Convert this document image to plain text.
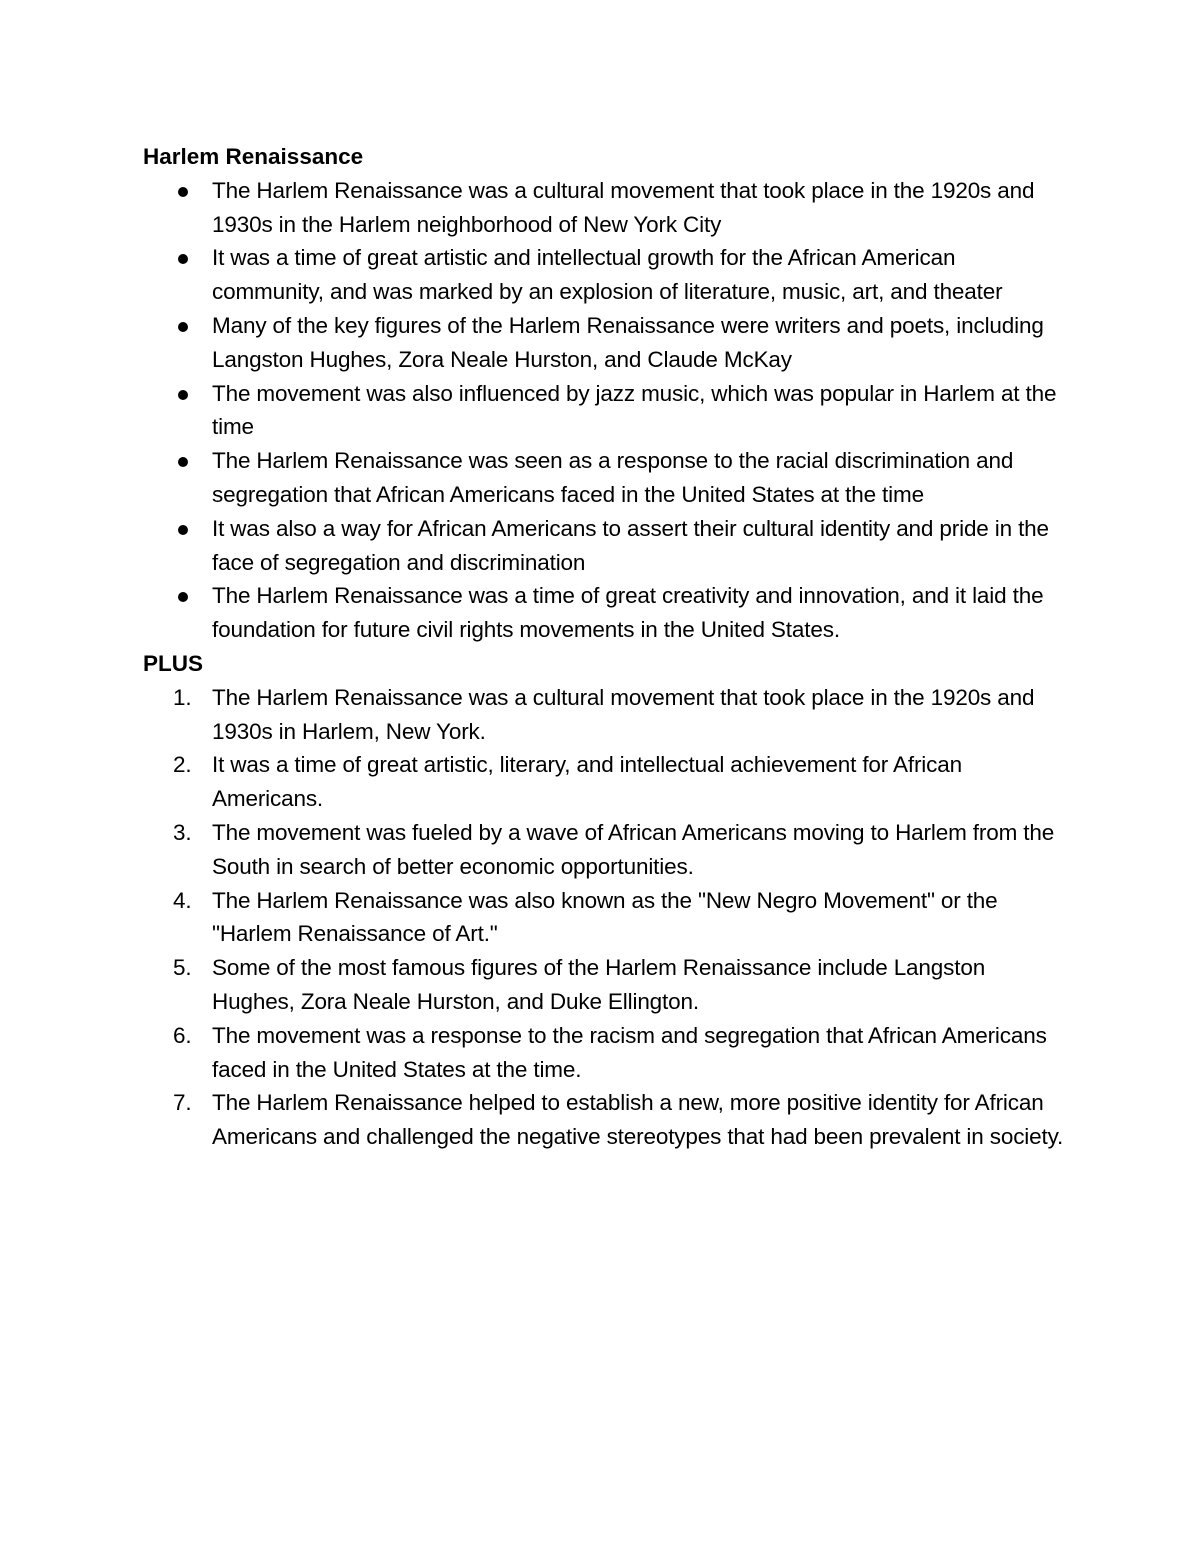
Harlem Renaissance
The Harlem Renaissance was a cultural movement that took place in the 1920s and 1930s in the Harlem neighborhood of New York City
It was a time of great artistic and intellectual growth for the African American community, and was marked by an explosion of literature, music, art, and theater
Many of the key figures of the Harlem Renaissance were writers and poets, including Langston Hughes, Zora Neale Hurston, and Claude McKay
The movement was also influenced by jazz music, which was popular in Harlem at the time
The Harlem Renaissance was seen as a response to the racial discrimination and segregation that African Americans faced in the United States at the time
It was also a way for African Americans to assert their cultural identity and pride in the face of segregation and discrimination
The Harlem Renaissance was a time of great creativity and innovation, and it laid the foundation for future civil rights movements in the United States.

PLUS

1. The Harlem Renaissance was a cultural movement that took place in the 1920s and 1930s in Harlem, New York.
2. It was a time of great artistic, literary, and intellectual achievement for African Americans.
3. The movement was fueled by a wave of African Americans moving to Harlem from the South in search of better economic opportunities.
4. The Harlem Renaissance was also known as the "New Negro Movement" or the "Harlem Renaissance of Art."
5. Some of the most famous figures of the Harlem Renaissance include Langston Hughes, Zora Neale Hurston, and Duke Ellington.
6. The movement was a response to the racism and segregation that African Americans faced in the United States at the time.
7. The Harlem Renaissance helped to establish a new, more positive identity for African Americans and challenged the negative stereotypes that had been prevalent in society.
